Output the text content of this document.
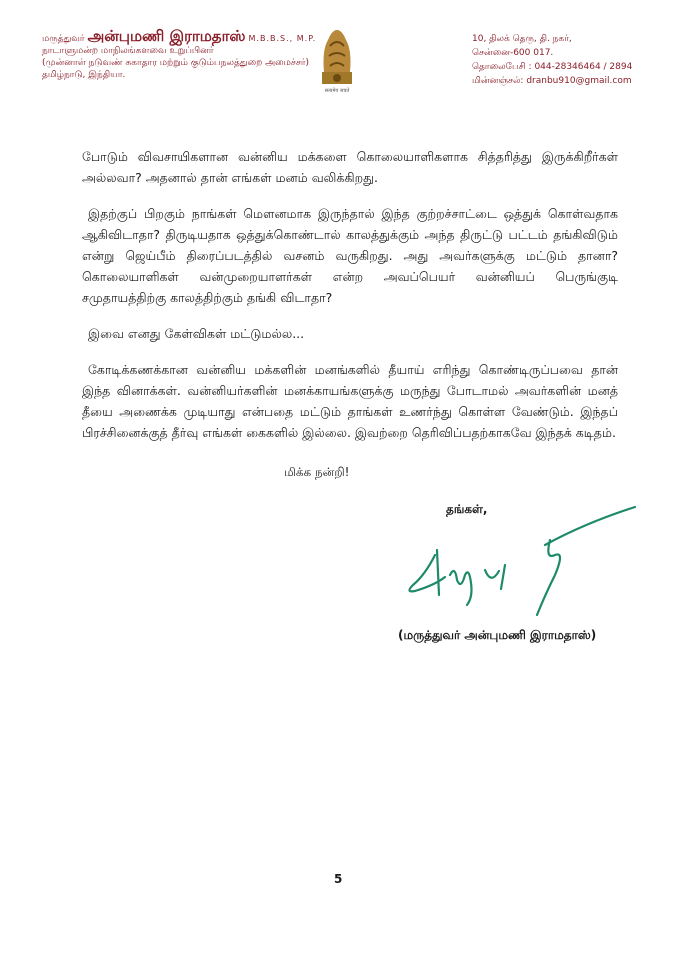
மருத்துவர் அன்புமணி இராமதாஸ் M.B.B.S., M.P.
நாடாளுமன்ற மாநிலங்களவை உறுப்பினர்
(முன்னாள் நடுவண் சுகாதார மற்றும் குடும்பநலத்துறை அமைச்சர்)
தமிழ்நாடு, இந்தியா.
सत्यमेव जयते
10, திலக் தெரு, தி. நகர்,
சென்னை-600 017.
தொலைபேசி : 044-28346464 / 2894
மின்னஞ்சல்: dranbu910@gmail.com

போடும் விவசாயிகளான வன்னிய மக்களை கொலையாளிகளாக சித்தரித்து இருக்கிறீர்கள் அல்லவா? அதனால் தான் எங்கள் மனம் வலிக்கிறது.

இதற்குப் பிறகும் நாங்கள் மௌனமாக இருந்தால் இந்த குற்றச்சாட்டை ஒத்துக் கொள்வதாக ஆகிவிடாதா? திருடியதாக ஒத்துக்கொண்டால் காலத்துக்கும் அந்த திருட்டு பட்டம் தங்கிவிடும் என்று ஜெய்பீம் திரைப்படத்தில் வசனம் வருகிறது. அது அவர்களுக்கு மட்டும் தானா? கொலையாளிகள் வன்முறையாளர்கள் என்ற அவப்பெயர் வன்னியப் பெருங்குடி சமுதாயத்திற்கு காலத்திற்கும் தங்கி விடாதா?

இவை எனது கேள்விகள் மட்டுமல்ல...

கோடிக்கணக்கான வன்னிய மக்களின் மனங்களில் தீயாய் எரிந்து கொண்டிருப்பவை தான் இந்த வினாக்கள். வன்னியர்களின் மனக்காயங்களுக்கு மருந்து போடாமல் அவர்களின் மனத் தீயை அணைக்க முடியாது என்பதை மட்டும் தாங்கள் உணர்ந்து கொள்ள வேண்டும். இந்தப் பிரச்சினைக்குத் தீர்வு எங்கள் கைகளில் இல்லை. இவற்றை தெரிவிப்பதற்காகவே இந்தக் கடிதம்.

மிக்க நன்றி!
தங்கள்,
(மருத்துவர் அன்புமணி இராமதாஸ்)
5
